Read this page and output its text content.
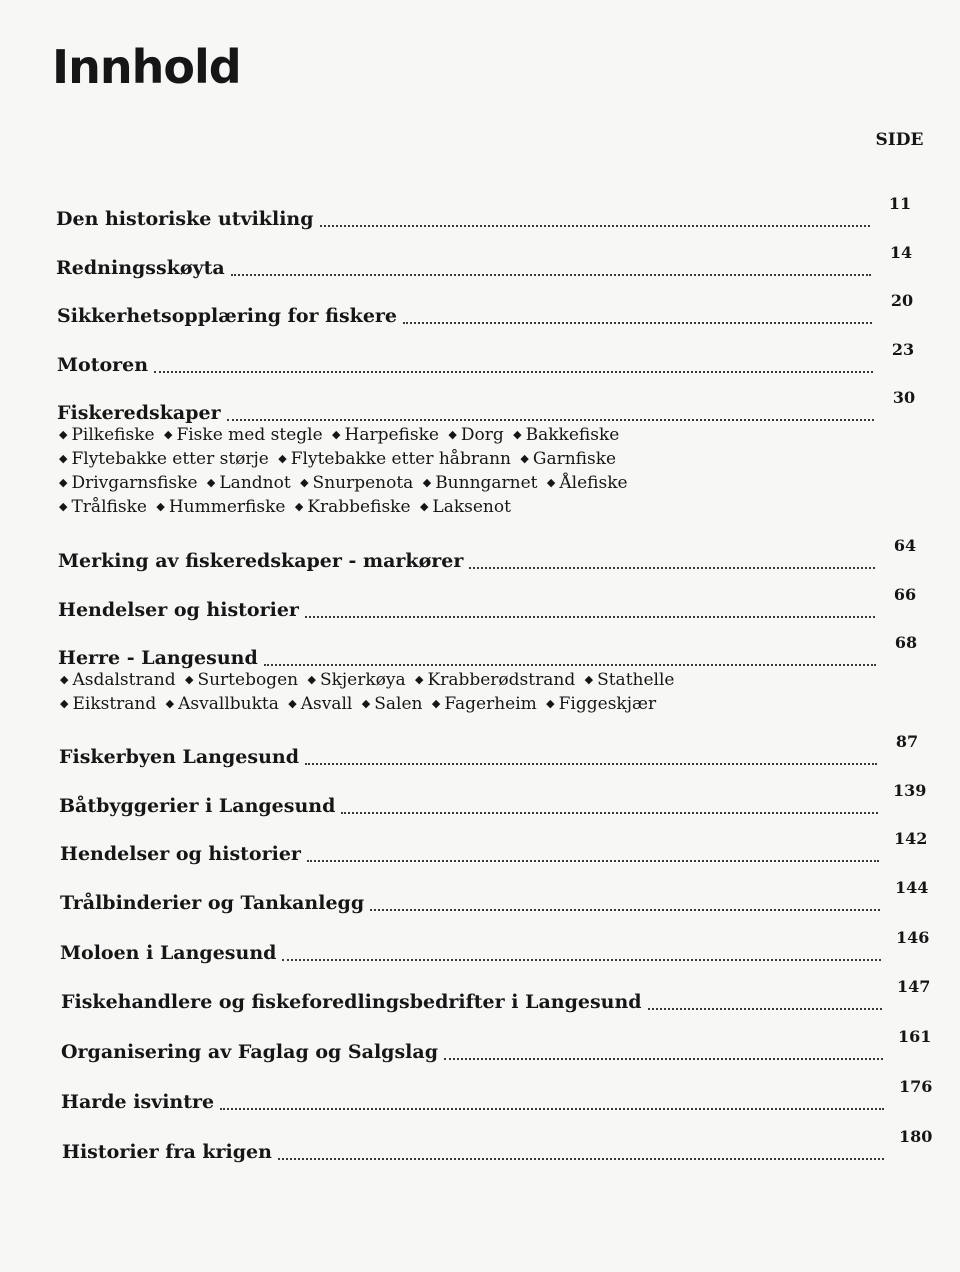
Innhold
SIDE
Den historiske utvikling
11
Redningsskøyta
14
Sikkerhetsopplæring for fiskere
20
Motoren
23
Fiskeredskaper
30
◆ Pilkefiske ◆ Fiske med stegle ◆ Harpefiske ◆ Dorg ◆ Bakkefiske
◆ Flytebakke etter størje ◆ Flytebakke etter håbrann ◆ Garnfiske
◆ Drivgarnsfiske ◆ Landnot ◆ Snurpenota ◆ Bunngarnet ◆ Ålefiske
◆ Trålfiske ◆ Hummerfiske ◆ Krabbefiske ◆ Laksenot
Merking av fiskeredskaper - markører
64
Hendelser og historier
66
Herre - Langesund
68
◆ Asdalstrand ◆ Surtebogen ◆ Skjerkøya ◆ Krabberødstrand ◆ Stathelle
◆ Eikstrand ◆ Asvallbukta ◆ Asvall ◆ Salen ◆ Fagerheim ◆ Figgeskjær
Fiskerbyen Langesund
87
Båtbyggerier i Langesund
139
Hendelser og historier
142
Trålbinderier og Tankanlegg
144
Moloen i Langesund
146
Fiskehandlere og fiskeforedlingsbedrifter i Langesund
147
Organisering av Faglag og Salgslag
161
Harde isvintre
176
Historier fra krigen
180
